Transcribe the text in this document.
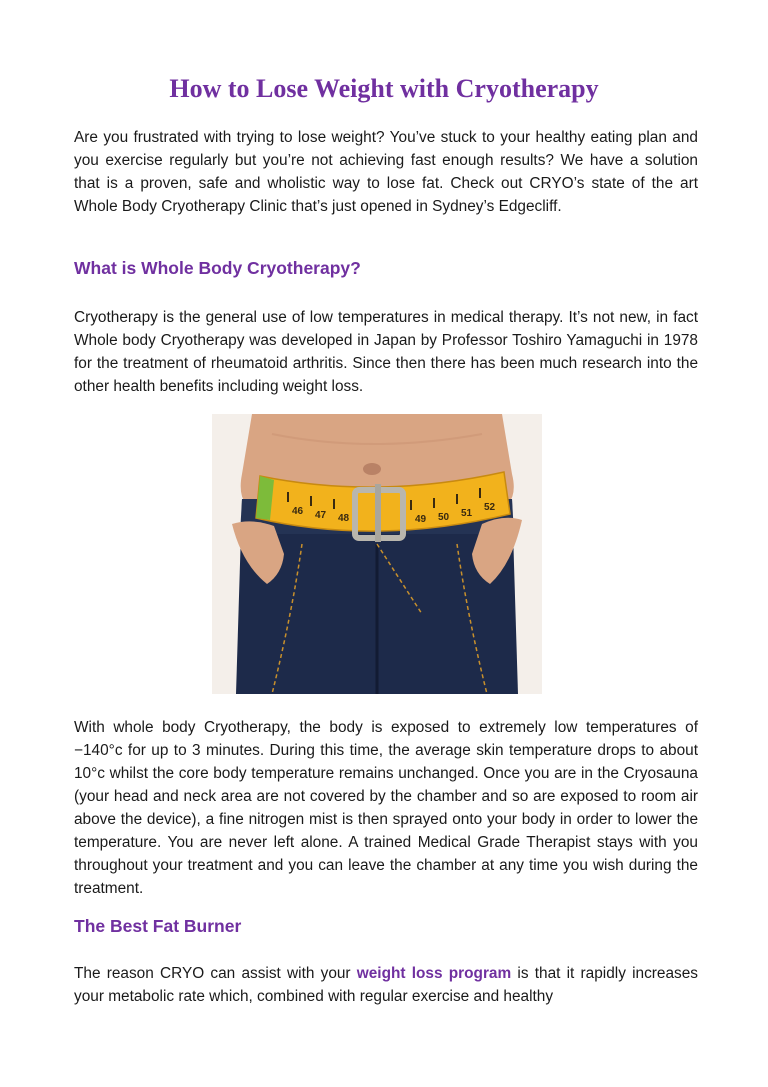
How to Lose Weight with Cryotherapy

Are you frustrated with trying to lose weight? You’ve stuck to your healthy eating plan and you exercise regularly but you’re not achieving fast enough results? We have a solution that is a proven, safe and wholistic way to lose fat. Check out CRYO’s state of the art Whole Body Cryotherapy Clinic that’s just opened in Sydney’s Edgecliff.

What is Whole Body Cryotherapy?

Cryotherapy is the general use of low temperatures in medical therapy. It’s not new, in fact Whole body Cryotherapy was developed in Japan by Professor Toshiro Yamaguchi in 1978 for the treatment of rheumatoid arthritis. Since then there has been much research into the other health benefits including weight loss.

46 47 48	49 50 51
52

With whole body Cryotherapy, the body is exposed to extremely low temperatures of −140°c for up to 3 minutes. During this time, the average skin temperature drops to about 10°c whilst the core body temperature remains unchanged. Once you are in the Cryosauna (your head and neck area are not covered by the chamber and so are exposed to room air above the device), a fine nitrogen mist is then sprayed onto your body in order to lower the temperature. You are never left alone. A trained Medical Grade Therapist stays with you throughout your treatment and you can leave the chamber at any time you wish during the treatment.

The Best Fat Burner

The reason CRYO can assist with your weight loss program is that it rapidly increases your metabolic rate which, combined with regular exercise and healthy
